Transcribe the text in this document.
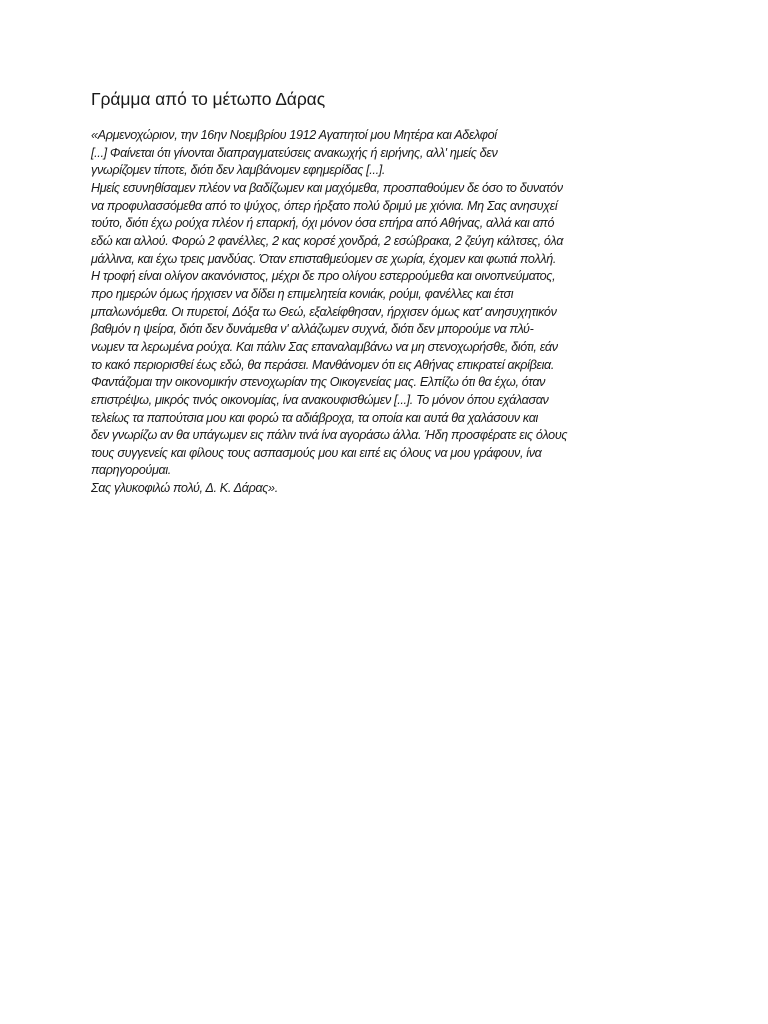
Γράμμα από το μέτωπο Δάρας
«Αρμενοχώριον, την 16ην Νοεμβρίου 1912 Αγαπητοί μου Μητέρα και Αδελφοί
[...] Φαίνεται ότι γίνονται διαπραγματεύσεις ανακωχής ή ειρήνης, αλλ' ημείς δεν
γνωρίζομεν τίποτε, διότι δεν λαμβάνομεν εφημερίδας [...].
Ημείς εσυνηθίσαμεν πλέον να βαδίζωμεν και μαχόμεθα, προσπαθούμεν δε όσο το δυνατόν
να προφυλασσόμεθα από το ψύχος, όπερ ήρξατο πολύ δριμύ με χιόνια. Μη Σας ανησυχεί
τούτο, διότι έχω ρούχα πλέον ή επαρκή, όχι μόνον όσα επήρα από Αθήνας, αλλά και από
εδώ και αλλού. Φορώ 2 φανέλλες, 2 κας κορσέ χονδρά, 2 εσώβρακα, 2 ζεύγη κάλτσες, όλα
μάλλινα, και έχω τρεις μανδύας. Όταν επισταθμεύομεν σε χωρία, έχομεν και φωτιά πολλή.
Η τροφή είναι ολίγον ακανόνιστος, μέχρι δε προ ολίγου εστερρούμεθα και οινοπνεύματος,
προ ημερών όμως ήρχισεν να δίδει η επιμελητεία κονιάκ, ρούμι, φανέλλες και έτσι
μπαλωνόμεθα. Οι πυρετοί, Δόξα τω Θεώ, εξαλείφθησαν, ήρχισεν όμως κατ' ανησυχητικόν
βαθμόν η ψείρα, διότι δεν δυνάμεθα ν' αλλάζωμεν συχνά, διότι δεν μπορούμε να πλύ-
νωμεν τα λερωμένα ρούχα. Και πάλιν Σας επαναλαμβάνω να μη στενοχωρήσθε, διότι, εάν
το κακό περιορισθεί έως εδώ, θα περάσει. Μανθάνομεν ότι εις Αθήνας επικρατεί ακρίβεια.
Φαντάζομαι την οικονομικήν στενοχωρίαν της Οικογενείας μας. Ελπίζω ότι θα έχω, όταν
επιστρέψω, μικρός τινός οικονομίας, ίνα ανακουφισθώμεν [...]. Το μόνον όπου εχάλασαν
τελείως τα παπούτσια μου και φορώ τα αδιάβροχα, τα οποία και αυτά θα χαλάσουν και
δεν γνωρίζω αν θα υπάγωμεν εις πάλιν τινά ίνα αγοράσω άλλα. Ήδη προσφέρατε εις όλους
τους συγγενείς και φίλους τους ασπασμούς μου και ειπέ εις όλους να μου γράφουν, ίνα
παρηγορούμαι.
Σας γλυκοφιλώ πολύ, Δ. Κ. Δάρας».
